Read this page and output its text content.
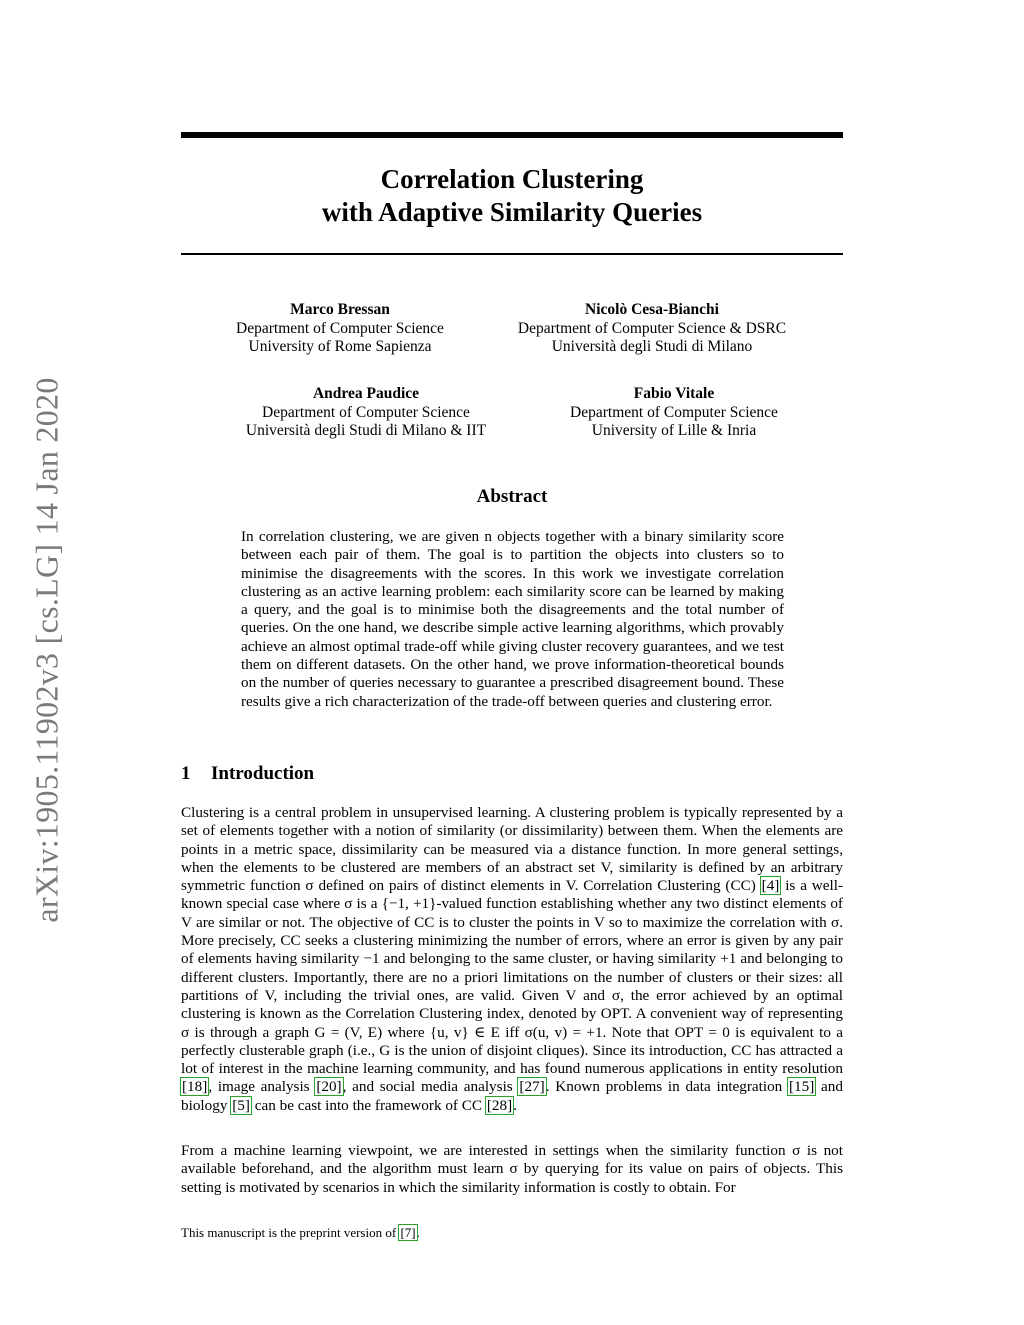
Correlation Clustering
with Adaptive Similarity Queries
arXiv:1905.11902v3 [cs.LG] 14 Jan 2020
Marco Bressan
Department of Computer Science
University of Rome Sapienza
Nicolò Cesa-Bianchi
Department of Computer Science & DSRC
Università degli Studi di Milano
Andrea Paudice
Department of Computer Science
Università degli Studi di Milano & IIT
Fabio Vitale
Department of Computer Science
University of Lille & Inria
Abstract

In correlation clustering, we are given n objects together with a binary similarity score between each pair of them. The goal is to partition the objects into clusters so to minimise the disagreements with the scores. In this work we investigate correlation clustering as an active learning problem: each similarity score can be learned by making a query, and the goal is to minimise both the disagreements and the total number of queries. On the one hand, we describe simple active learning algorithms, which provably achieve an almost optimal trade-off while giving cluster recovery guarantees, and we test them on different datasets. On the other hand, we prove information-theoretical bounds on the number of queries necessary to guarantee a prescribed disagreement bound. These results give a rich characterization of the trade-off between queries and clustering error.

1 Introduction

Clustering is a central problem in unsupervised learning. A clustering problem is typically represented by a set of elements together with a notion of similarity (or dissimilarity) between them. When the elements are points in a metric space, dissimilarity can be measured via a distance function. In more general settings, when the elements to be clustered are members of an abstract set V, similarity is defined by an arbitrary symmetric function σ defined on pairs of distinct elements in V. Correlation Clustering (CC) [4] is a well-known special case where σ is a {−1, +1}-valued function establishing whether any two distinct elements of V are similar or not. The objective of CC is to cluster the points in V so to maximize the correlation with σ. More precisely, CC seeks a clustering minimizing the number of errors, where an error is given by any pair of elements having similarity −1 and belonging to the same cluster, or having similarity +1 and belonging to different clusters. Importantly, there are no a priori limitations on the number of clusters or their sizes: all partitions of V, including the trivial ones, are valid. Given V and σ, the error achieved by an optimal clustering is known as the Correlation Clustering index, denoted by OPT. A convenient way of representing σ is through a graph G = (V, E) where {u, v} ∈ E iff σ(u, v) = +1. Note that OPT = 0 is equivalent to a perfectly clusterable graph (i.e., G is the union of disjoint cliques). Since its introduction, CC has attracted a lot of interest in the machine learning community, and has found numerous applications in entity resolution [18], image analysis [20], and social media analysis [27]. Known problems in data integration [15] and biology [5] can be cast into the framework of CC [28].

From a machine learning viewpoint, we are interested in settings when the similarity function σ is not available beforehand, and the algorithm must learn σ by querying for its value on pairs of objects. This setting is motivated by scenarios in which the similarity information is costly to obtain. For

This manuscript is the preprint version of [7].
